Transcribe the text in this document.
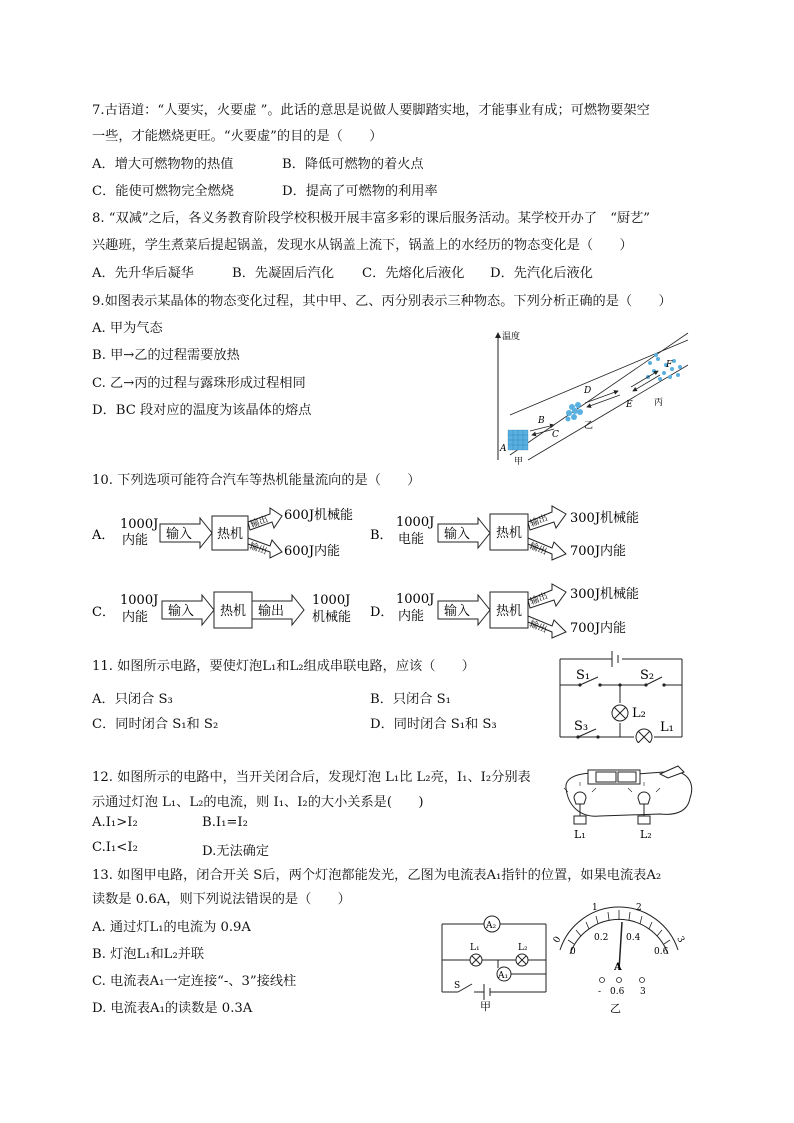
7.古语道：“人要实，火要虚 ”。此话的意思是说做人要脚踏实地，才能事业有成；可燃物要架空
一些，才能燃烧更旺。“火要虚”的目的是（　　）
A．增大可燃物物的热值	B．降低可燃物的着火点
C．能使可燃物完全燃烧	D．提高了可燃物的利用率
8. “双减”之后，各义务教育阶段学校积极开展丰富多彩的课后服务活动。某学校开办了　“厨艺”
兴趣班，学生煮菜后提起锅盖，发现水从锅盖上流下，锅盖上的水经历的物态变化是（　　）
A．先升华后凝华	B．先凝固后汽化 C．先熔化后液化 D．先汽化后液化
9.如图表示某晶体的物态变化过程，其中甲、乙、丙分别表示三种物态。下列分析正确的是（　　）
A. 甲为气态
B. 甲→乙的过程需要放热
C. 乙→丙的过程与露珠形成过程相同
D．BC 段对应的温度为该晶体的熔点
温度
A
B
C
D
E
F
甲
乙
丙
10. 下列选项可能符合汽车等热机能量流向的是（　　）
A．
1000J
内能 输入 热机
输出
输出
600J机械能
600J内能
B．
1000J
电能 输入 热机
输出
输出
300J机械能
700J内能
C．
1000J
内能 输入 热机 输出
1000J
机械能 D．
1000J
内能 输入 热机
输出
输出
300J机械能
700J内能
11. 如图所示电路，要使灯泡L₁和L₂组成串联电路，应该（　　）
A．只闭合 S₃	B．只闭合 S₁
C．同时闭合 S₁和 S₂	D．同时闭合 S₁和 S₃
S₁	S₂
S₃
L₂
L₁
12. 如图所示的电路中，当开关闭合后，发现灯泡 L₁比 L₂亮，I₁、I₂分别表
示通过灯泡 L₁、L₂的电流，则 I₁、I₂的大小关系是(　　)
A.I₁>I₂	B.I₁=I₂
C.I₁<I₂	D.无法确定
L₁	L₂
13. 如图甲电路，闭合开关 S后，两个灯泡都能发光，乙图为电流表A₁指针的位置，如果电流表A₂
读数是 0.6A，则下列说法错误的是（　　）
A. 通过灯L₁的电流为 0.9A
B. 灯泡L₁和L₂并联
C. 电流表A₁一定连接“-、3”接线柱
D. 电流表A₁的读数是 0.3A
A₂
A₁
L₁	L₂
S
甲
0
1	2
3
0
0.2 0.4
0.6
A
- 0.6 3
乙
